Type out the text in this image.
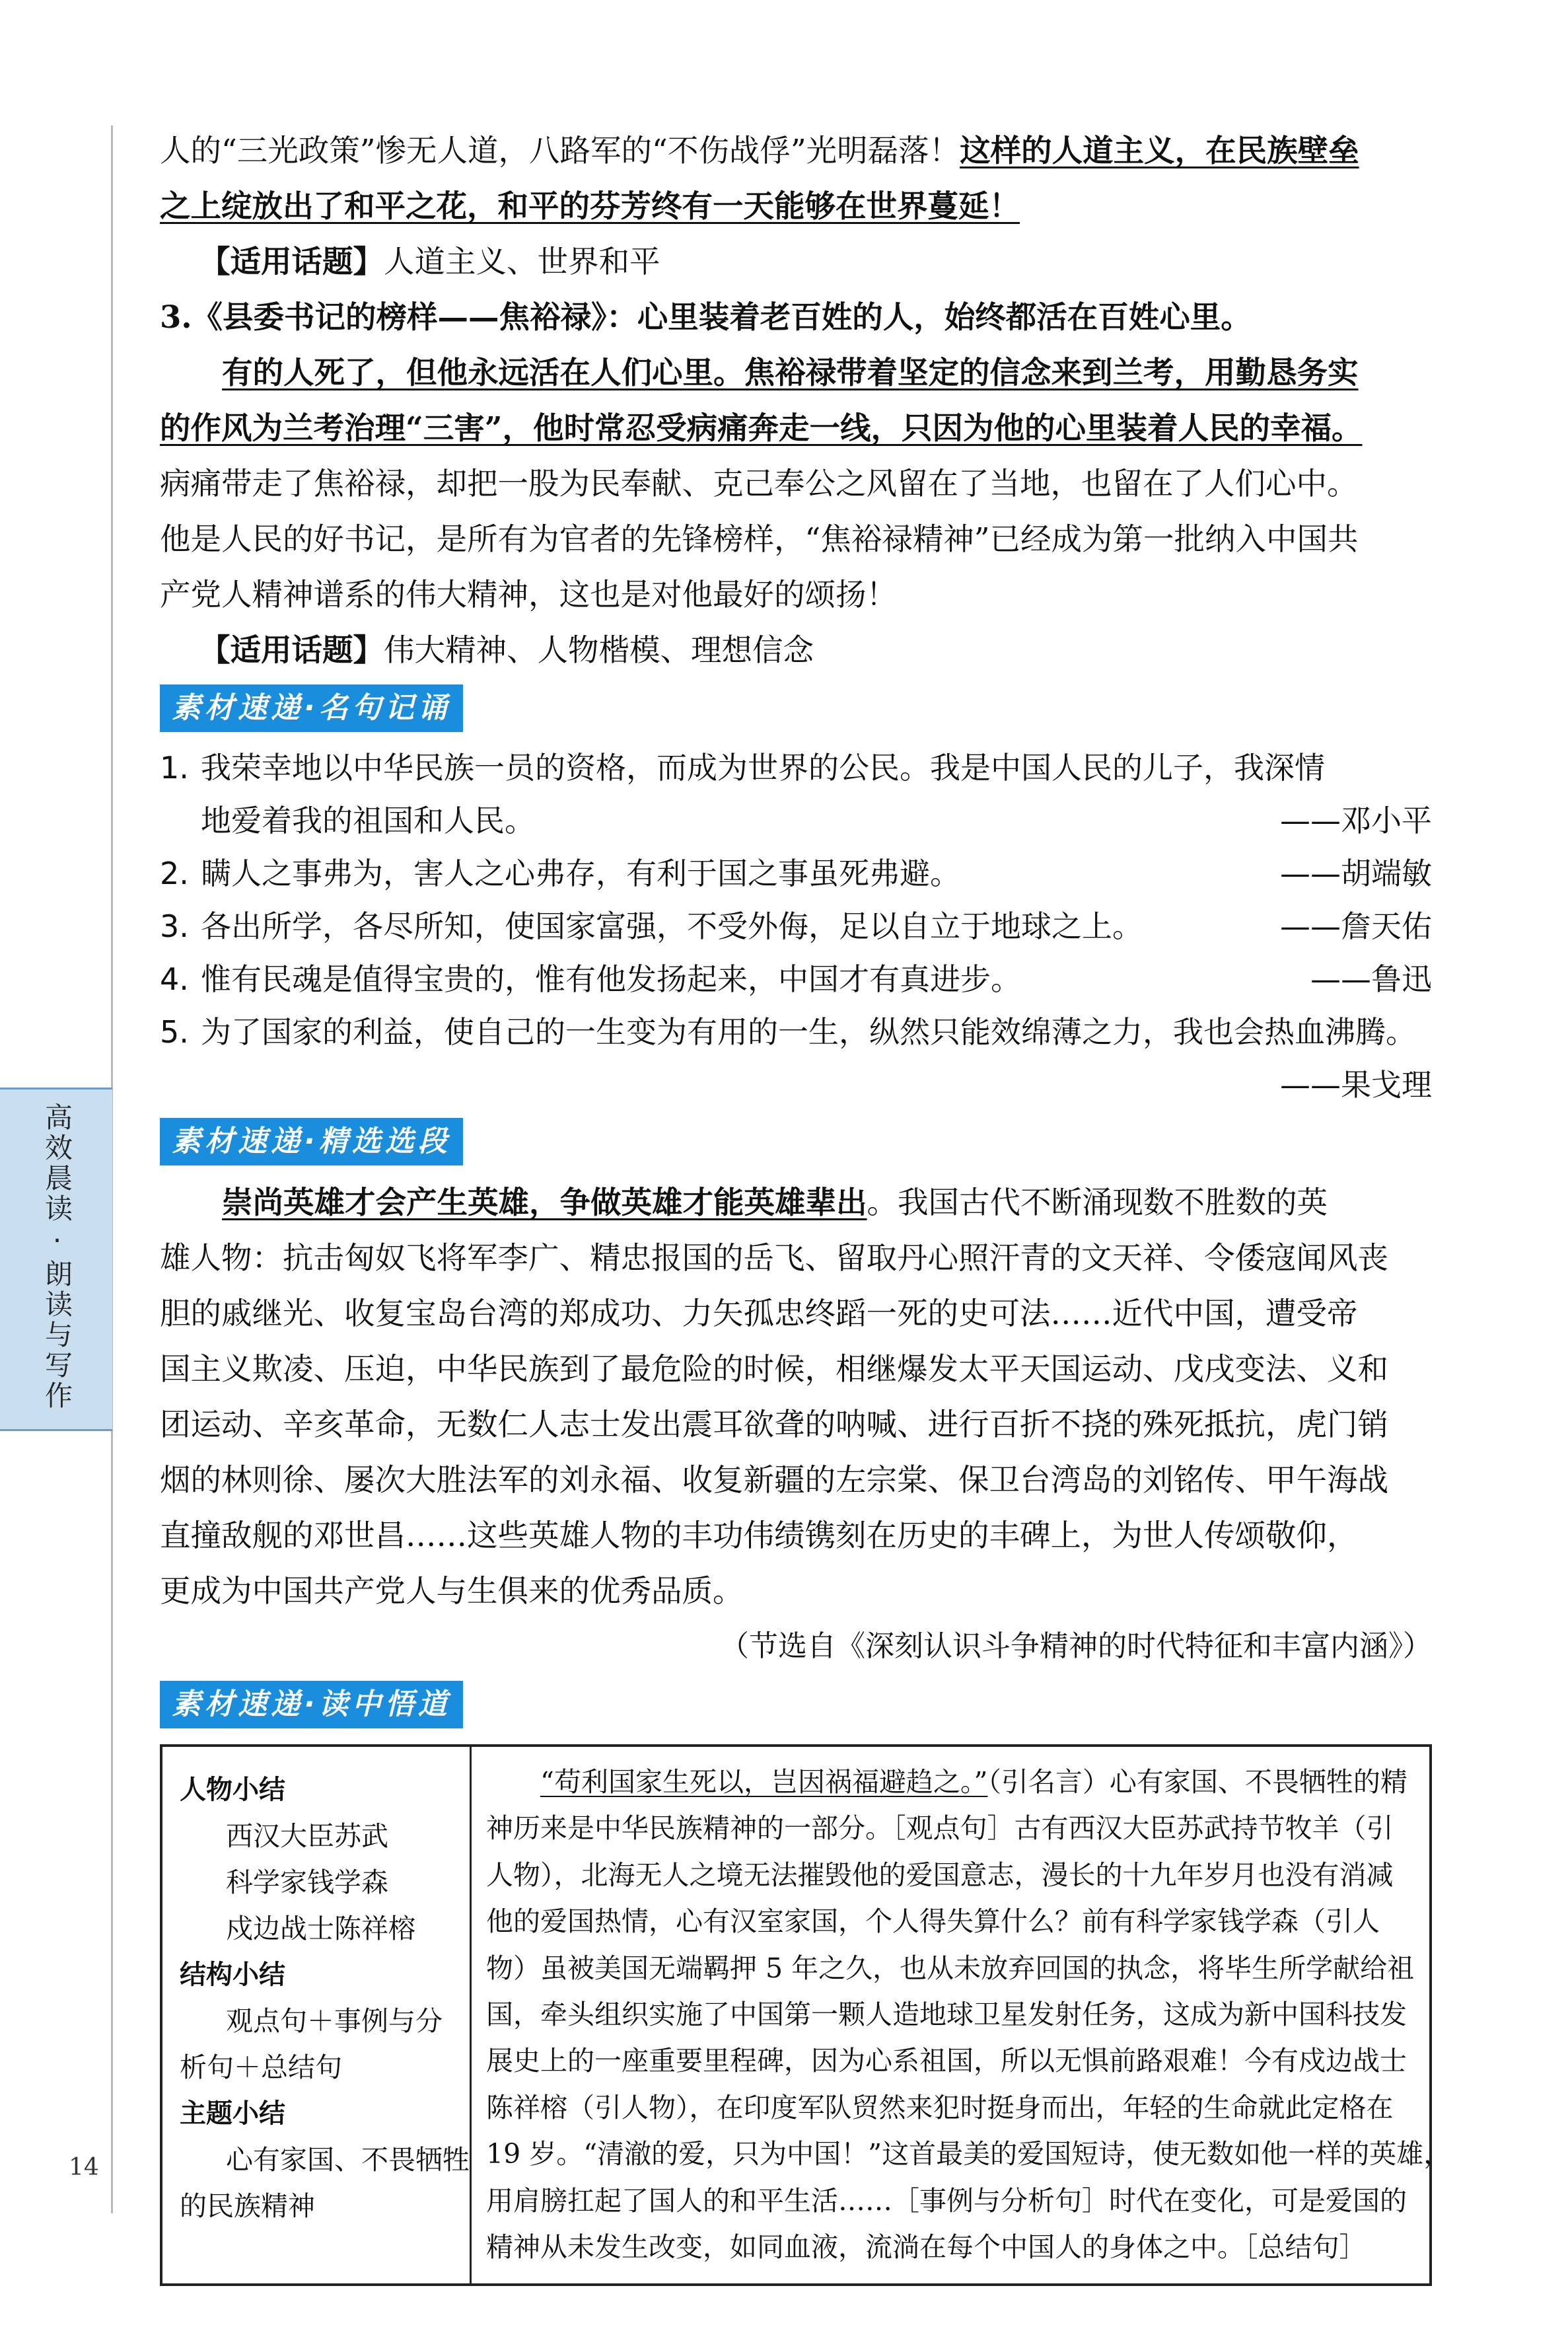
高效晨读·朗读与写作
14

人的“三光政策”惨无人道，八路军的“不伤战俘”光明磊落！这样的人道主义，在民族壁垒

之上绽放出了和平之花，和平的芬芳终有一天能够在世界蔓延！

【适用话题】人道主义、世界和平

3.《县委书记的榜样——焦裕禄》：心里装着老百姓的人，始终都活在百姓心里。

有的人死了，但他永远活在人们心里。焦裕禄带着坚定的信念来到兰考，用勤恳务实

的作风为兰考治理“三害”，他时常忍受病痛奔走一线，只因为他的心里装着人民的幸福。

病痛带走了焦裕禄，却把一股为民奉献、克己奉公之风留在了当地，也留在了人们心中。

他是人民的好书记，是所有为官者的先锋榜样，“焦裕禄精神”已经成为第一批纳入中国共

产党人精神谱系的伟大精神，这也是对他最好的颂扬！

【适用话题】伟大精神、人物楷模、理想信念

素材速递·名句记诵
1. 我荣幸地以中华民族一员的资格，而成为世界的公民。我是中国人民的儿子，我深情
地爱着我的祖国和人民。	——邓小平
2. 瞒人之事弗为，害人之心弗存，有利于国之事虽死弗避。	——胡端敏
3. 各出所学，各尽所知，使国家富强，不受外侮，足以自立于地球之上。	——詹天佑
4. 惟有民魂是值得宝贵的，惟有他发扬起来，中国才有真进步。	——鲁迅
5. 为了国家的利益，使自己的一生变为有用的一生，纵然只能效绵薄之力，我也会热血沸腾。
——果戈理
素材速递·精选选段

崇尚英雄才会产生英雄，争做英雄才能英雄辈出。我国古代不断涌现数不胜数的英

雄人物：抗击匈奴飞将军李广、精忠报国的岳飞、留取丹心照汗青的文天祥、令倭寇闻风丧

胆的戚继光、收复宝岛台湾的郑成功、力矢孤忠终蹈一死的史可法……近代中国，遭受帝

国主义欺凌、压迫，中华民族到了最危险的时候，相继爆发太平天国运动、戊戌变法、义和

团运动、辛亥革命，无数仁人志士发出震耳欲聋的呐喊、进行百折不挠的殊死抵抗，虎门销

烟的林则徐、屡次大胜法军的刘永福、收复新疆的左宗棠、保卫台湾岛的刘铭传、甲午海战

直撞敌舰的邓世昌……这些英雄人物的丰功伟绩镌刻在历史的丰碑上，为世人传颂敬仰，

更成为中国共产党人与生俱来的优秀品质。

（节选自《深刻认识斗争精神的时代特征和丰富内涵》）
素材速递·读中悟道
人物小结
西汉大臣苏武
科学家钱学森
戍边战士陈祥榕
结构小结
观点句＋事例与分
析句＋总结句
主题小结
心有家国、不畏牺牲
的民族精神
“苟利国家生死以，岂因祸福避趋之。”（引名言）心有家国、不畏牺牲的精
神历来是中华民族精神的一部分。［观点句］古有西汉大臣苏武持节牧羊（引
人物），北海无人之境无法摧毁他的爱国意志，漫长的十九年岁月也没有消减
他的爱国热情，心有汉室家国，个人得失算什么？前有科学家钱学森（引人
物）虽被美国无端羁押 5 年之久，也从未放弃回国的执念，将毕生所学献给祖
国，牵头组织实施了中国第一颗人造地球卫星发射任务，这成为新中国科技发
展史上的一座重要里程碑，因为心系祖国，所以无惧前路艰难！今有戍边战士
陈祥榕（引人物），在印度军队贸然来犯时挺身而出，年轻的生命就此定格在
19 岁。“清澈的爱，只为中国！”这首最美的爱国短诗，使无数如他一样的英雄，
用肩膀扛起了国人的和平生活……［事例与分析句］时代在变化，可是爱国的
精神从未发生改变，如同血液，流淌在每个中国人的身体之中。［总结句］
